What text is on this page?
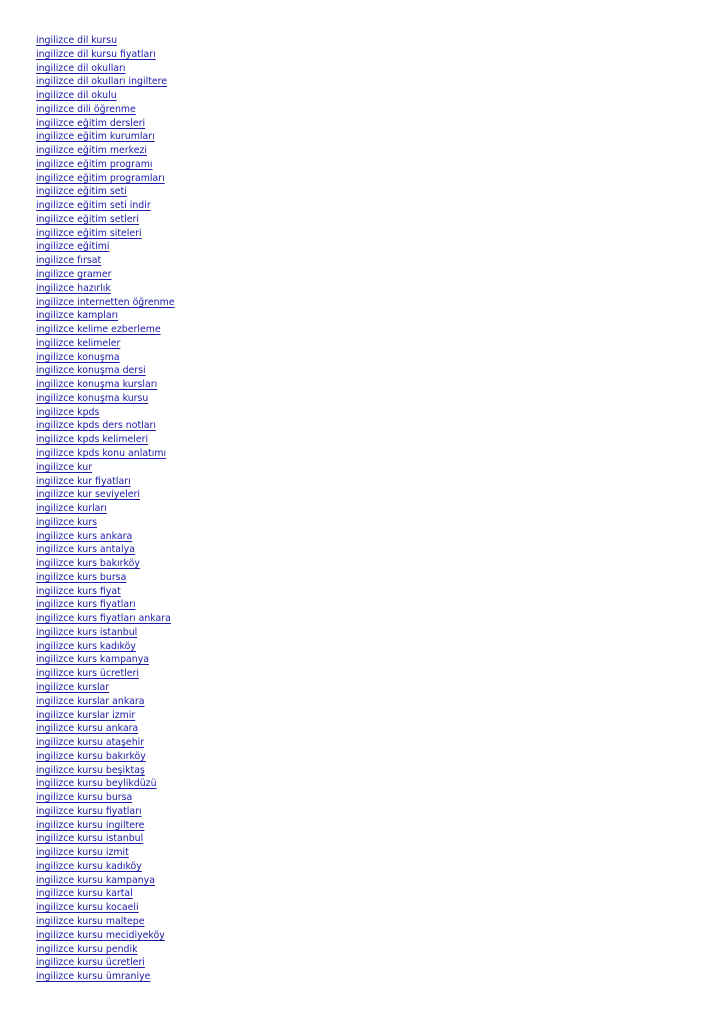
ingilizce dil kursu
ingilizce dil kursu fiyatları
ingilizce dil okulları
ingilizce dil okulları ingiltere
ingilizce dil okulu
ingilizce dili öğrenme
ingilizce eğitim dersleri
ingilizce eğitim kurumları
ingilizce eğitim merkezi
ingilizce eğitim programı
ingilizce eğitim programları
ingilizce eğitim seti
ingilizce eğitim seti indir
ingilizce eğitim setleri
ingilizce eğitim siteleri
ingilizce eğitimi
ingilizce fırsat
ingilizce gramer
ingilizce hazırlık
ingilizce internetten öğrenme
ingilizce kampları
ingilizce kelime ezberleme
ingilizce kelimeler
ingilizce konuşma
ingilizce konuşma dersi
ingilizce konuşma kursları
ingilizce konuşma kursu
ingilizce kpds
ingilizce kpds ders notları
ingilizce kpds kelimeleri
ingilizce kpds konu anlatımı
ingilizce kur
ingilizce kur fiyatları
ingilizce kur seviyeleri
ingilizce kurları
ingilizce kurs
ingilizce kurs ankara
ingilizce kurs antalya
ingilizce kurs bakırköy
ingilizce kurs bursa
ingilizce kurs fiyat
ingilizce kurs fiyatları
ingilizce kurs fiyatları ankara
ingilizce kurs istanbul
ingilizce kurs kadıköy
ingilizce kurs kampanya
ingilizce kurs ücretleri
ingilizce kurslar
ingilizce kurslar ankara
ingilizce kurslar izmir
ingilizce kursu ankara
ingilizce kursu ataşehir
ingilizce kursu bakırköy
ingilizce kursu beşiktaş
ingilizce kursu beylikdüzü
ingilizce kursu bursa
ingilizce kursu fiyatları
ingilizce kursu ingiltere
ingilizce kursu istanbul
ingilizce kursu izmit
ingilizce kursu kadıköy
ingilizce kursu kampanya
ingilizce kursu kartal
ingilizce kursu kocaeli
ingilizce kursu maltepe
ingilizce kursu mecidiyeköy
ingilizce kursu pendik
ingilizce kursu ücretleri
ingilizce kursu ümraniye
